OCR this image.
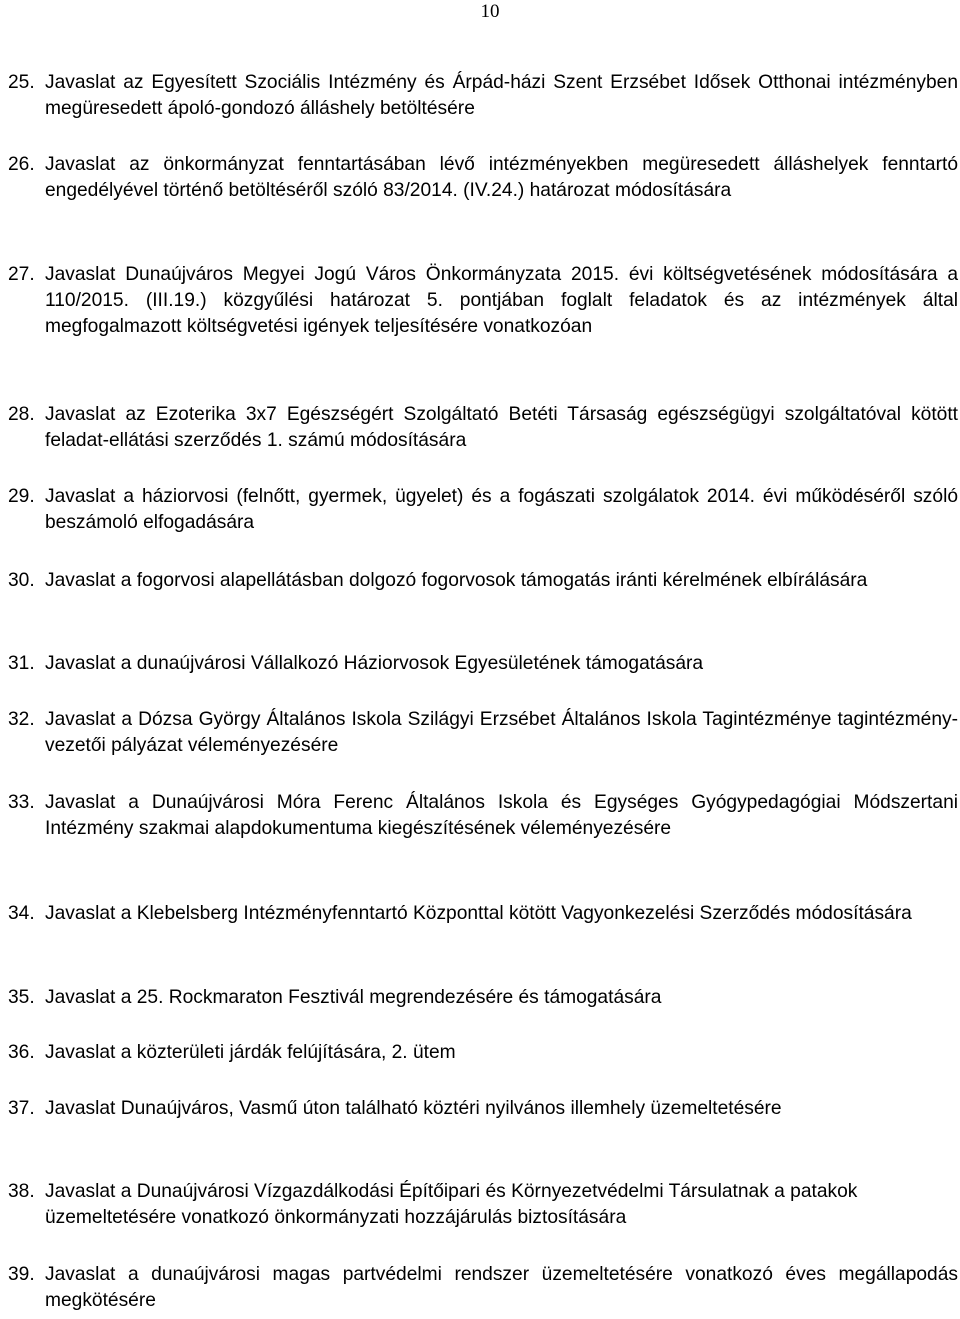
10
25. Javaslat az Egyesített Szociális Intézmény és Árpád-házi Szent Erzsébet Idősek Otthonai intézményben megüresedett ápoló-gondozó álláshely betöltésére
26. Javaslat az önkormányzat fenntartásában lévő intézményekben megüresedett álláshelyek fenntartó engedélyével történő betöltéséről szóló 83/2014. (IV.24.) határozat módosítására
27. Javaslat Dunaújváros Megyei Jogú Város Önkormányzata 2015. évi költségvetésének módosítására a 110/2015. (III.19.) közgyűlési határozat 5. pontjában foglalt feladatok és az intézmények által megfogalmazott költségvetési igények teljesítésére vonatkozóan
28. Javaslat az Ezoterika 3x7 Egészségért Szolgáltató Betéti Társaság egészségügyi szolgáltatóval kötött feladat-ellátási szerződés 1. számú módosítására
29. Javaslat a háziorvosi (felnőtt, gyermek, ügyelet) és a fogászati szolgálatok 2014. évi működéséről szóló beszámoló elfogadására
30. Javaslat a fogorvosi alapellátásban dolgozó fogorvosok támogatás iránti kérelmének elbírálására
31. Javaslat a dunaújvárosi Vállalkozó Háziorvosok Egyesületének támogatására
32. Javaslat a Dózsa György Általános Iskola Szilágyi Erzsébet Általános Iskola Tagintézménye tagintézmény-vezetői pályázat véleményezésére
33. Javaslat a Dunaújvárosi Móra Ferenc Általános Iskola és Egységes Gyógypedagógiai Módszertani Intézmény szakmai alapdokumentuma kiegészítésének véleményezésére
34. Javaslat a Klebelsberg Intézményfenntartó Központtal kötött Vagyonkezelési Szerződés módosítására
35. Javaslat a 25. Rockmaraton Fesztivál megrendezésére és támogatására
36. Javaslat a közterületi járdák felújítására, 2. ütem
37. Javaslat Dunaújváros, Vasmű úton található köztéri nyilvános illemhely üzemeltetésére
38. Javaslat a Dunaújvárosi Vízgazdálkodási Építőipari és Környezetvédelmi Társulatnak a patakok üzemeltetésére vonatkozó önkormányzati hozzájárulás biztosítására
39. Javaslat a dunaújvárosi magas partvédelmi rendszer üzemeltetésére vonatkozó éves megállapodás megkötésére
